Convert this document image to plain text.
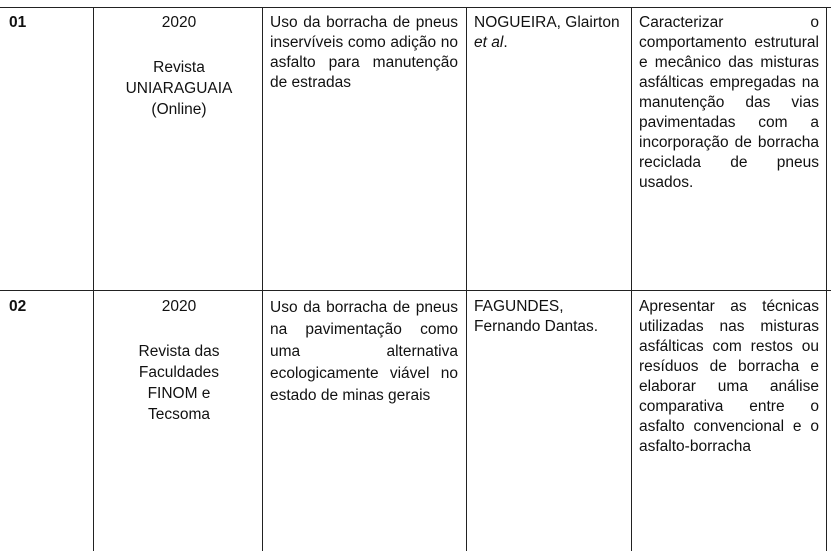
01	2020
Revista
UNIARAGUAIA
(Online)
Uso da borracha de pneus inservíveis como adição no asfalto para manutenção de estradas
NOGUEIRA, Glairton et al.
Caracterizar o comportamento estrutural e mecânico das misturas asfálticas empregadas na manutenção das vias pavimentadas com a incorporação de borracha reciclada de pneus usados.
02	2020
Revista das
Faculdades
FINOM e
Tecsoma
Uso da borracha de pneus na pavimentação como uma alternativa ecologicamente viável no estado de minas gerais
FAGUNDES, Fernando Dantas.
Apresentar as técnicas utilizadas nas misturas asfálticas com restos ou resíduos de borracha e elaborar uma análise comparativa entre o asfalto convencional e o asfalto-borracha
